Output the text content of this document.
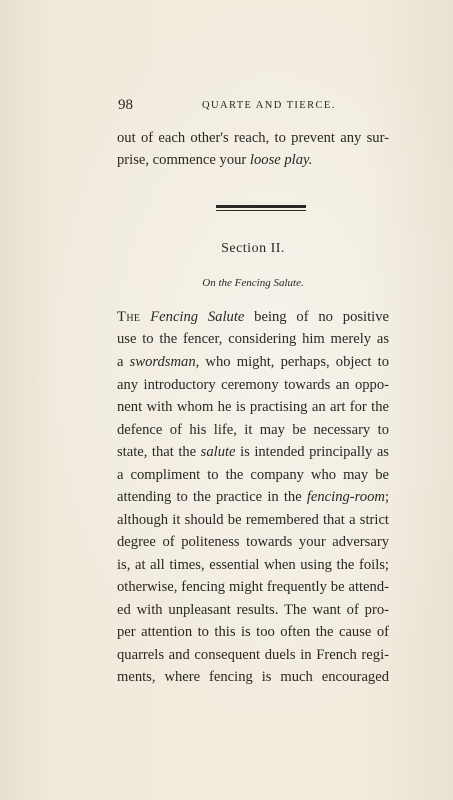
98	QUARTE AND TIERCE.
out of each other's reach, to prevent any sur-
prise, commence your loose play.
Section II.
On the Fencing Salute.
The Fencing Salute being of no positive
use to the fencer, considering him merely as
a swordsman, who might, perhaps, object to
any introductory ceremony towards an oppo-
nent with whom he is practising an art for the
defence of his life, it may be necessary to
state, that the salute is intended principally as
a compliment to the company who may be
attending to the practice in the fencing-room;
although it should be remembered that a strict
degree of politeness towards your adversary
is, at all times, essential when using the foils;
otherwise, fencing might frequently be attend-
ed with unpleasant results. The want of pro-
per attention to this is too often the cause of
quarrels and consequent duels in French regi-
ments, where fencing is much encouraged
